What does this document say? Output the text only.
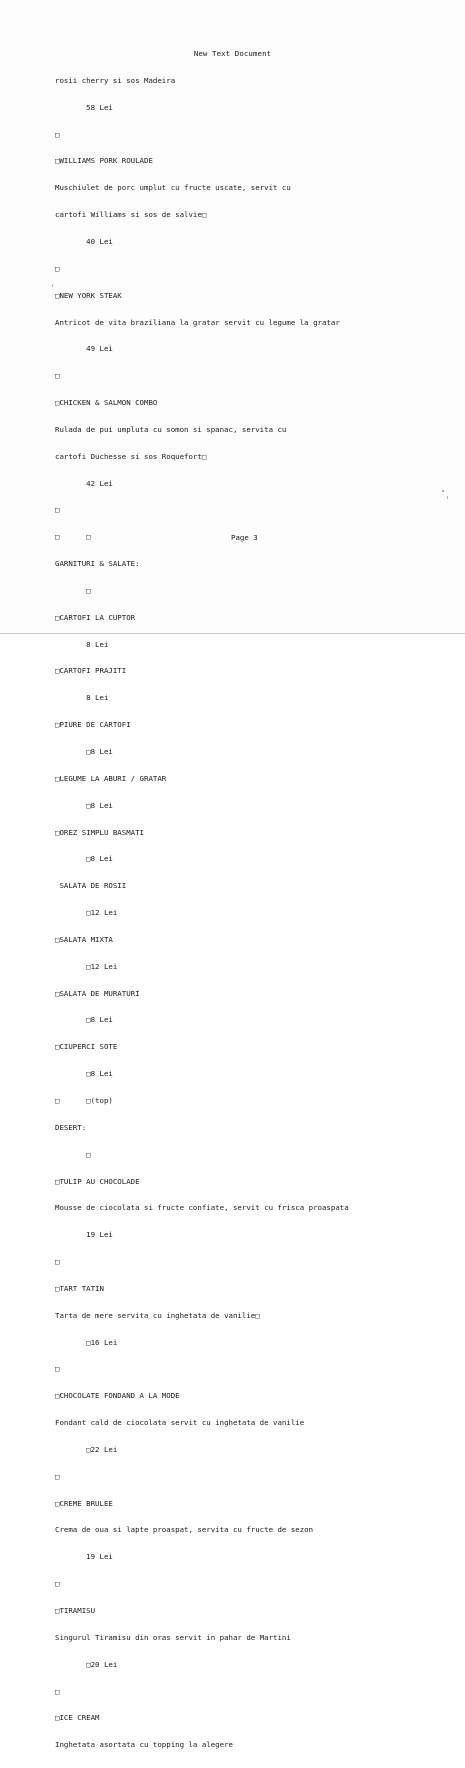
New Text Document

rosii cherry si sos Madeira

58 Lei

□

□WILLIAMS PORK ROULADE

Muschiulet de porc umplut cu fructe uscate, servit cu

cartofi Williams si sos de salvie□

40 Lei

□

□NEW YORK STEAK

Antricot de vita braziliana la gratar servit cu legume la gratar

49 Lei

□

□CHICKEN & SALMON COMBO

Rulada de pui umpluta cu somon si spanac, servita cu

cartofi Duchesse si sos Roquefort□

42 Lei

□

□      □

GARNITURI & SALATE:

□

□CARTOFI LA CUPTOR

8 Lei

□CARTOFI PRAJITI

8 Lei

□PIURE DE CARTOFI

□8 Lei

□LEGUME LA ABURI / GRATAR

□8 Lei

□OREZ SIMPLU BASMATI

□8 Lei

SALATA DE ROSII

□12 Lei

□SALATA MIXTA

□12 Lei

□SALATA DE MURATURI

□8 Lei

□CIUPERCI SOTE

□8 Lei

□      □(top)

DESERT:

□

□TULIP AU CHOCOLADE

Mousse de ciocolata si fructe confiate, servit cu frisca proaspata

19 Lei

□

□TART TATIN

Tarta de mere servita cu inghetata de vanilie□

□16 Lei

□

□CHOCOLATE FONDAND A LA MODE

Fondant cald de ciocolata servit cu inghetata de vanilie

□22 Lei

□

□CREME BRULEE

Crema de oua si lapte proaspat, servita cu fructe de sezon

19 Lei

□

□TIRAMISU

Singurul Tiramisu din oras servit in pahar de Martini

□20 Lei

□

□ICE CREAM

Inghetata asortata cu topping la alegere

Page 3
